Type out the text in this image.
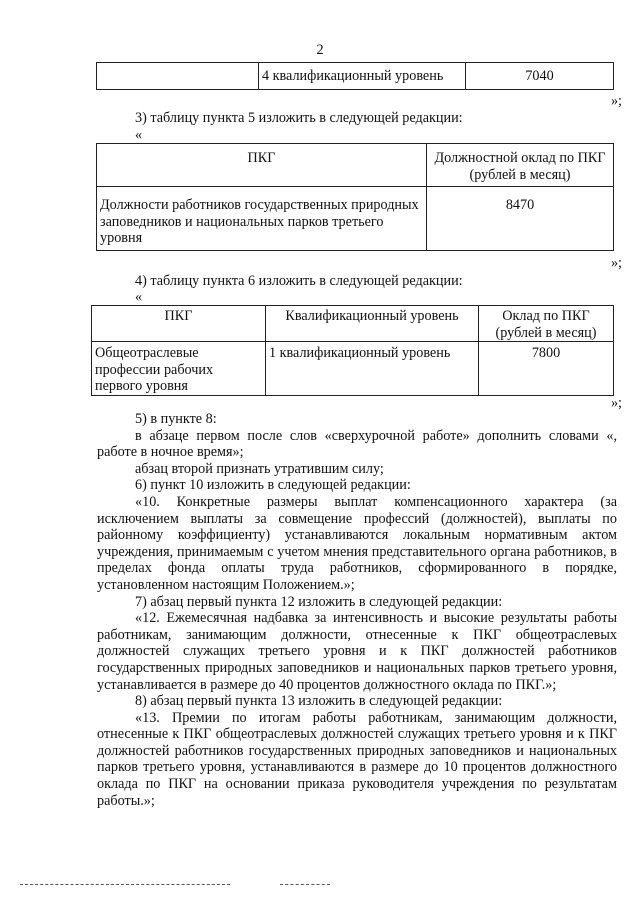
2
	4 квалификационный уровень	7040
»;
3) таблицу пункта 5 изложить в следующей редакции:
«
ПКГ	Должностной оклад по ПКГ (рублей в месяц)
Должности работников государственных природных заповедников и национальных парков третьего уровня	8470
»;
4) таблицу пункта 6 изложить в следующей редакции:
«
ПКГ	Квалификационный уровень	Оклад по ПКГ (рублей в месяц)
Общеотраслевые профессии рабочих первого уровня	1 квалификационный уровень	7800
»;

5) в пункте 8:

в абзаце первом после слов «сверхурочной работе» дополнить словами «, работе в ночное время»;

абзац второй признать утратившим силу;

6) пункт 10 изложить в следующей редакции:

«10. Конкретные размеры выплат компенсационного характера (за исключением выплаты за совмещение профессий (должностей), выплаты по районному коэффициенту) устанавливаются локальным нормативным актом учреждения, принимаемым с учетом мнения представительного органа работников, в пределах фонда оплаты труда работников, сформированного в порядке, установленном настоящим Положением.»;

7) абзац первый пункта 12 изложить в следующей редакции:

«12. Ежемесячная надбавка за интенсивность и высокие результаты работы работникам, занимающим должности, отнесенные к ПКГ общеотраслевых должностей служащих третьего уровня и к ПКГ должностей работников государственных природных заповедников и национальных парков третьего уровня, устанавливается в размере до 40 процентов должностного оклада по ПКГ.»;

8) абзац первый пункта 13 изложить в следующей редакции:

«13. Премии по итогам работы работникам, занимающим должности, отнесенные к ПКГ общеотраслевых должностей служащих третьего уровня и к ПКГ должностей работников государственных природных заповедников и национальных парков третьего уровня, устанавливаются в размере до 10 процентов должностного оклада по ПКГ на основании приказа руководителя учреждения по результатам работы.»;
